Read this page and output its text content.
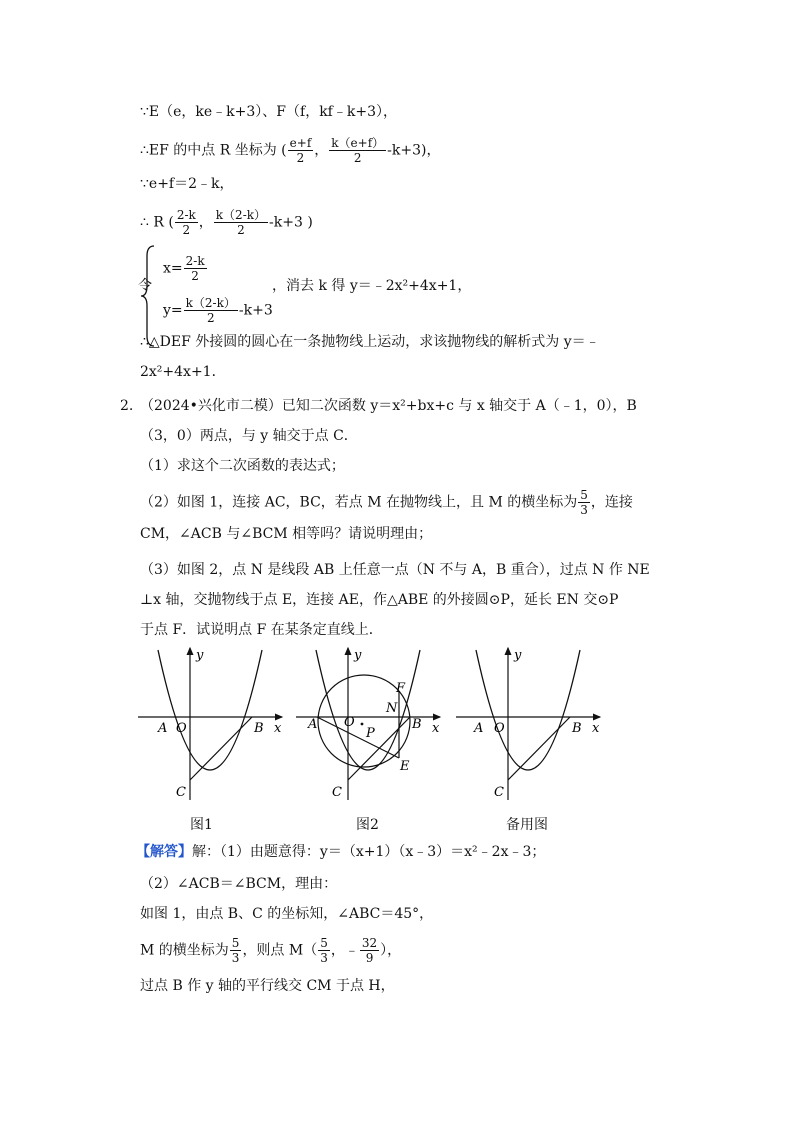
∵E（e，ke﹣k+3）、F（f，kf﹣k+3），
∴EF 的中点 R 坐标为 ( $\frac{e+f}{2}$ ， $\frac{k(e+f)}{2} -k+3$)，
∵e+f＝2﹣k，
∴ R ( $\frac{2-k}{2}$ ， $\frac{k(2-k)}{2} -k+3$ )
令
$x= \frac{2-k}{2}$
$y= \frac{k(2-k)}{2} -k+3$
，消去 k 得 y＝﹣2x²+4x+1，
∴△DEF 外接圆的圆心在一条抛物线上运动，求该抛物线的解析式为 y＝﹣
2x²+4x+1．
2. （2024•兴化市二模）已知二次函数 y＝x²+bx+c 与 x 轴交于 A（﹣1，0），B
（3，0）两点，与 y 轴交于点 C．
（1）求这个二次函数的表达式；
（2）如图 1，连接 AC，BC，若点 M 在抛物线上，且 M 的横坐标为 $\frac{5}{3}$ ，连接
CM，∠ACB 与∠BCM 相等吗？请说明理由；
（3）如图 2，点 N 是线段 AB 上任意一点（N 不与 A，B 重合），过点 N 作 NE
⊥x 轴，交抛物线于点 E，连接 AE，作△ABE 的外接圆⊙P，延长 EN 交⊙P
于点 F．试说明点 F 在某条定直线上．
y
x
A O	B
C
y
x
A O	B
C
F
N
P
E
y
x
A O	B
C
图1	图2	备用图
【解答】解：（1）由题意得：y＝（x+1）（x﹣3）＝x²﹣2x﹣3；
（2）∠ACB＝∠BCM，理由：
如图 1，由点 B、C 的坐标知，∠ABC＝45°，
M 的横坐标为 $\frac{5}{3}$ ，则点 $M( \frac{5}{3}$ ，﹣ $\frac{32}{9}$ ），
过点 B 作 y 轴的平行线交 CM 于点 H，
